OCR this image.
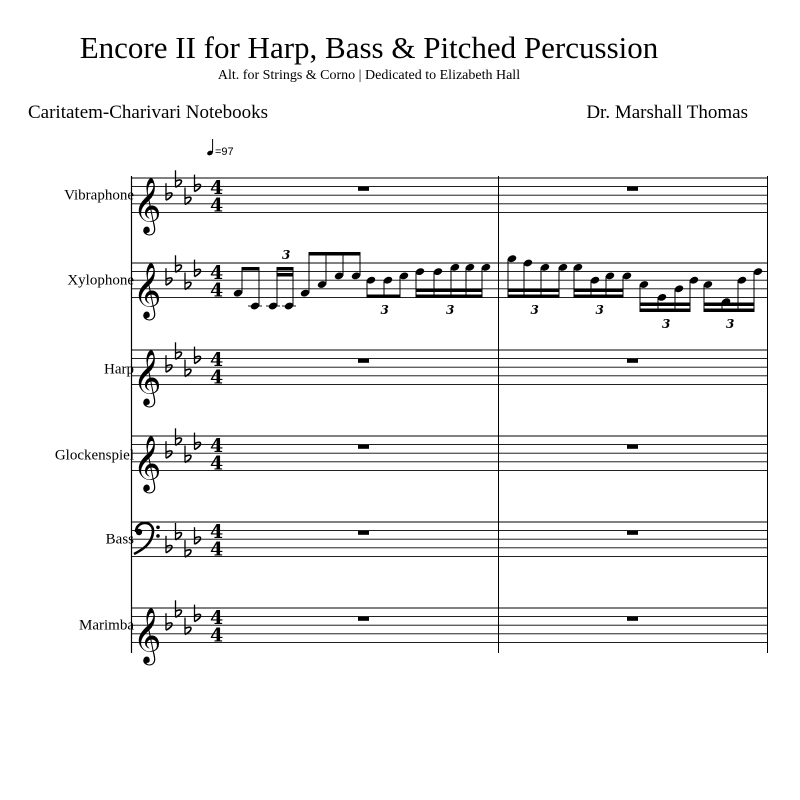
Encore II for Harp, Bass & Pitched Percussion
Alt. for Strings & Corno | Dedicated to Elizabeth Hall
Caritatem-Charivari Notebooks	Dr. Marshall Thomas
Vibraphone
Xylophone
Harp
Glockenspiel
Bass
Marimba
=97
𝄞	4
4
𝄞	4
4
𝄞	4
4
𝄞	4
4
4
4
𝄞	4
4
3
3	3	3	3
3	3
